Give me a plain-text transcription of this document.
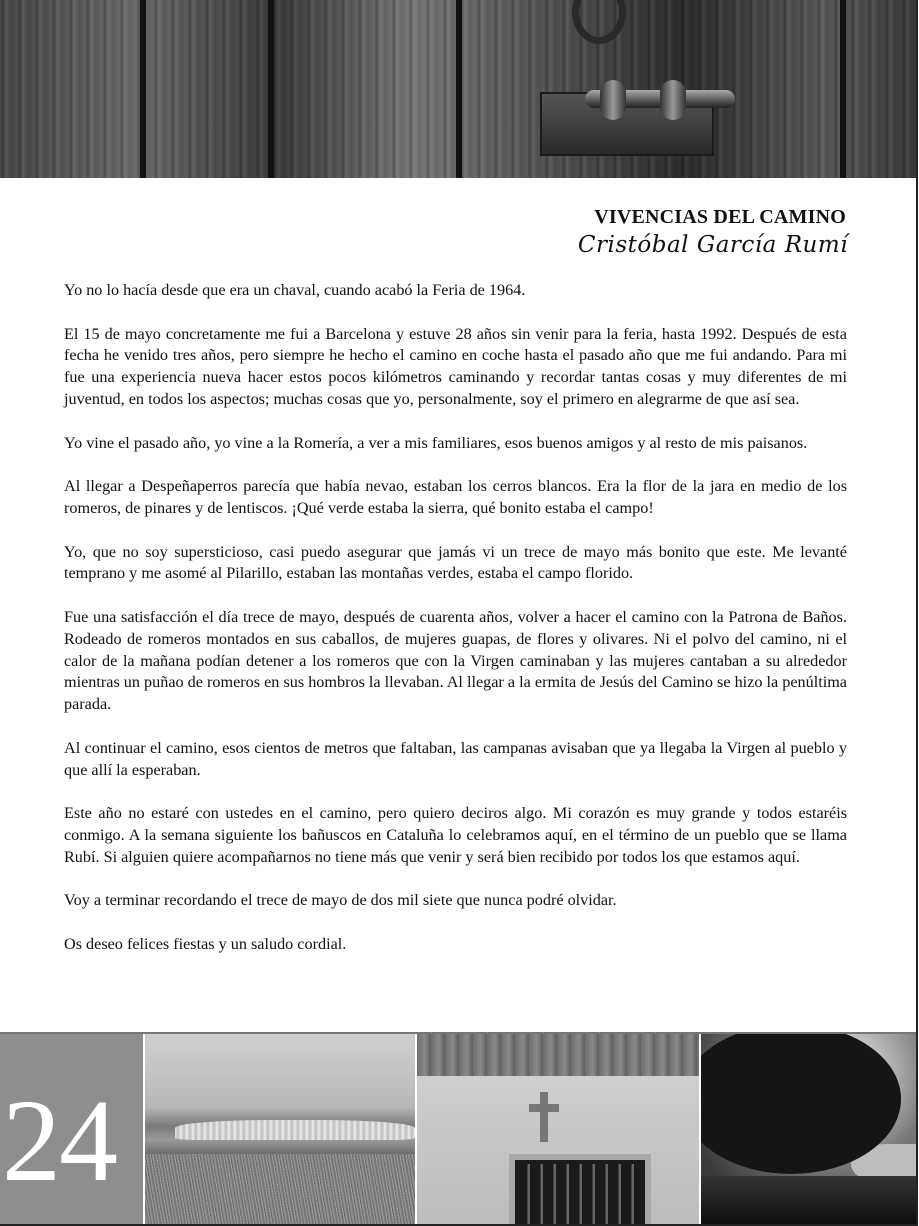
VIVENCIAS DEL CAMINO
Cristóbal García Rumí

Yo no lo hacía desde que era un chaval, cuando acabó la Feria de 1964.

El 15 de mayo concretamente me fui a Barcelona y estuve 28 años sin venir para la feria, hasta 1992. Después de esta fecha he venido tres años, pero siempre he hecho el camino en coche hasta el pasado año que me fui andando. Para mi fue una experiencia nueva hacer estos pocos kilómetros caminando y recordar tantas cosas y muy diferentes de mi juventud, en todos los aspectos; muchas cosas que yo, personalmente, soy el primero en alegrarme de que así sea.

Yo vine el pasado año, yo vine a la Romería, a ver a mis familiares, esos buenos amigos y al resto de mis paisanos.

Al llegar a Despeñaperros parecía que había nevao, estaban los cerros blancos. Era la flor de la jara en medio de los romeros, de pinares y de lentiscos. ¡Qué verde estaba la sierra, qué bonito estaba el campo!

Yo, que no soy supersticioso, casi puedo asegurar que jamás vi un trece de mayo más bonito que este. Me levanté temprano y me asomé al Pilarillo, estaban las montañas verdes, estaba el campo florido.

Fue una satisfacción el día trece de mayo, después de cuarenta años, volver a hacer el camino con la Patrona de Baños. Rodeado de romeros montados en sus caballos, de mujeres guapas, de flores y olivares. Ni el polvo del camino, ni el calor de la mañana podían detener a los romeros que con la Virgen caminaban y las mujeres cantaban a su alrededor mientras un puñao de romeros en sus hombros la llevaban. Al llegar a la ermita de Jesús del Camino se hizo la penúltima parada.

Al continuar el camino, esos cientos de metros que faltaban, las campanas avisaban que ya llegaba la Virgen al pueblo y que allí la esperaban.

Este año no estaré con ustedes en el camino, pero quiero deciros algo. Mi corazón es muy grande y todos estaréis conmigo. A la semana siguiente los bañuscos en Cataluña lo celebramos aquí, en el término de un pueblo que se llama Rubí. Si alguien quiere acompañarnos no tiene más que venir y será bien recibido por todos los que estamos aquí.

Voy a terminar recordando el trece de mayo de dos mil siete que nunca podré olvidar.

Os deseo felices fiestas y un saludo cordial.

24
